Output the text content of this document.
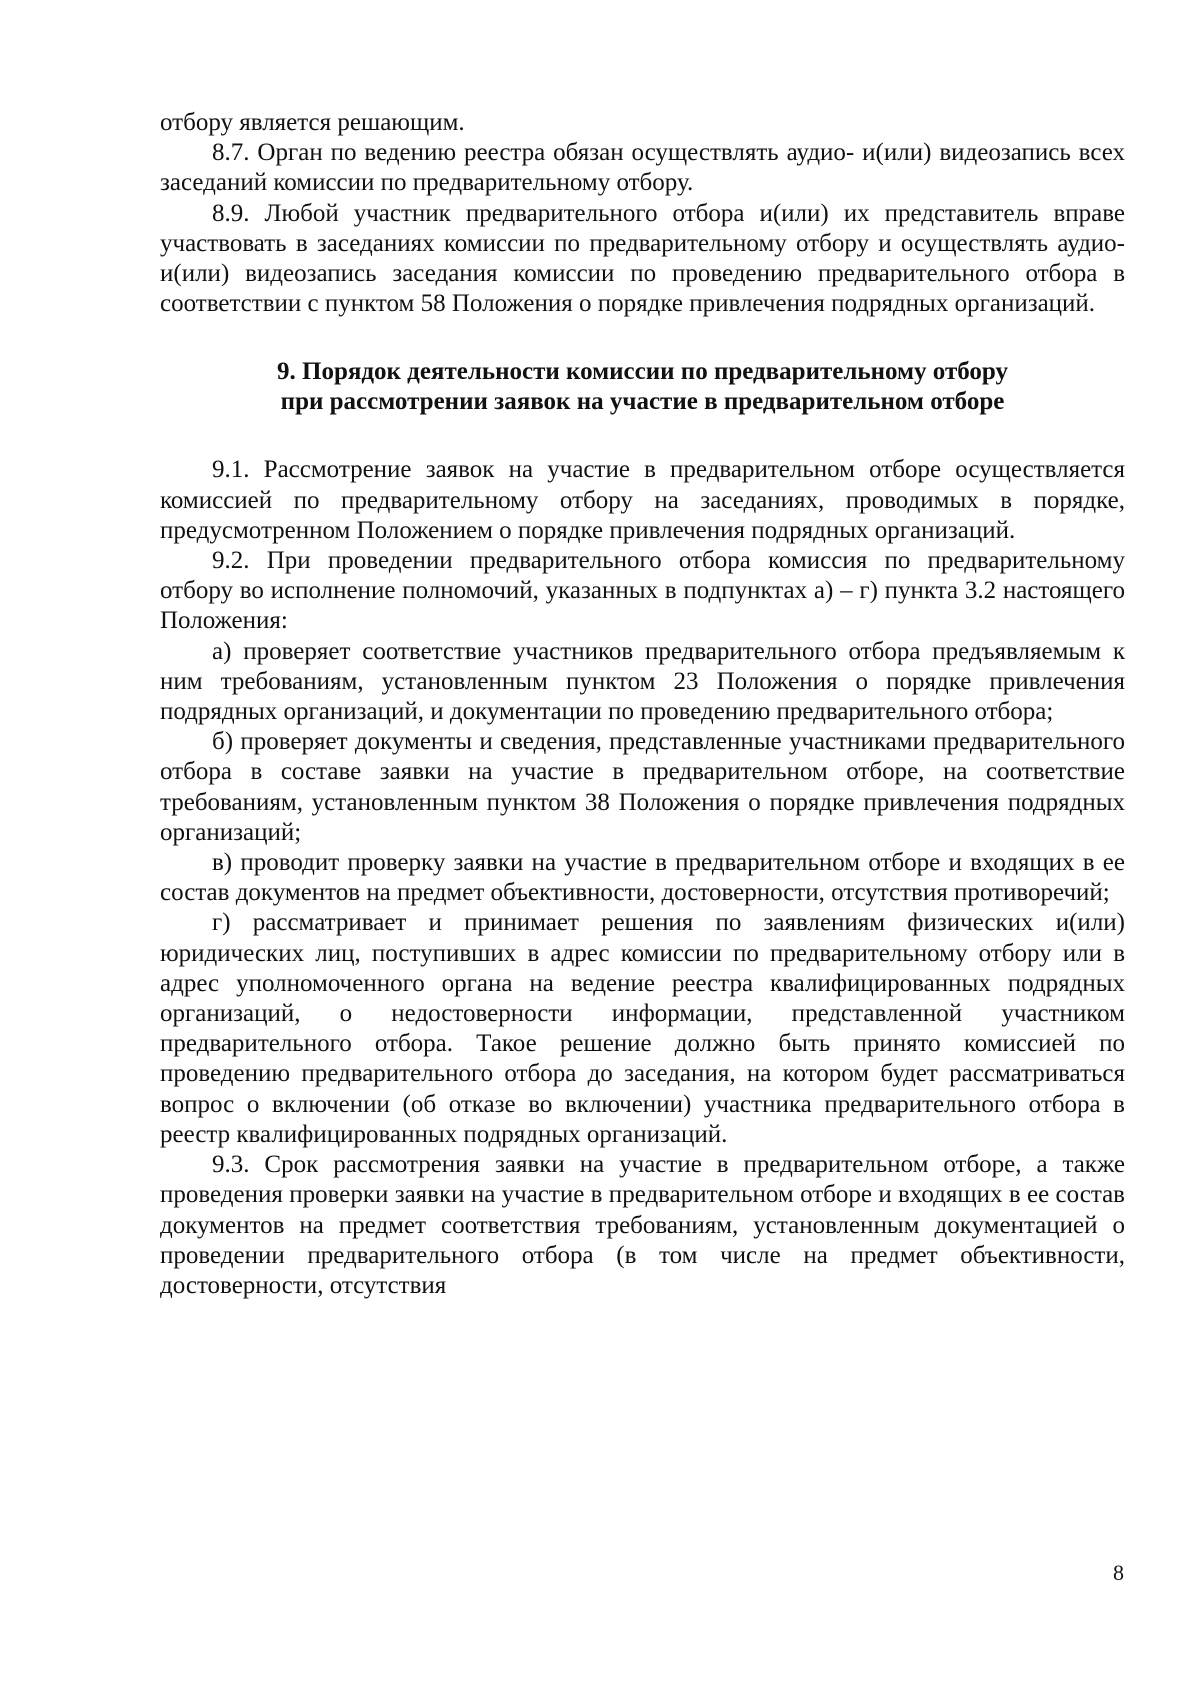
отбору является решающим.

8.7. Орган по ведению реестра обязан осуществлять аудио- и(или) видеозапись всех заседаний комиссии по предварительному отбору.

8.9. Любой участник предварительного отбора и(или) их представитель вправе участвовать в заседаниях комиссии по предварительному отбору и осуществлять аудио- и(или) видеозапись заседания комиссии по проведению предварительного отбора в соответствии с пунктом 58 Положения о порядке привлечения подрядных организаций.

9. Порядок деятельности комиссии по предварительному отбору
при рассмотрении заявок на участие в предварительном отборе

9.1. Рассмотрение заявок на участие в предварительном отборе осуществляется комиссией по предварительному отбору на заседаниях, проводимых в порядке, предусмотренном Положением о порядке привлечения подрядных организаций.

9.2. При проведении предварительного отбора комиссия по предварительному отбору во исполнение полномочий, указанных в подпунктах а) – г) пункта 3.2 настоящего Положения:

а) проверяет соответствие участников предварительного отбора предъявляемым к ним требованиям, установленным пунктом 23 Положения о порядке привлечения подрядных организаций, и документации по проведению предварительного отбора;

б) проверяет документы и сведения, представленные участниками предварительного отбора в составе заявки на участие в предварительном отборе, на соответствие требованиям, установленным пунктом 38 Положения о порядке привлечения подрядных организаций;

в) проводит проверку заявки на участие в предварительном отборе и входящих в ее состав документов на предмет объективности, достоверности, отсутствия противоречий;

г) рассматривает и принимает решения по заявлениям физических и(или) юридических лиц, поступивших в адрес комиссии по предварительному отбору или в адрес уполномоченного органа на ведение реестра квалифицированных подрядных организаций, о недостоверности информации, представленной участником предварительного отбора. Такое решение должно быть принято комиссией по проведению предварительного отбора до заседания, на котором будет рассматриваться вопрос о включении (об отказе во включении) участника предварительного отбора в реестр квалифицированных подрядных организаций.

9.3. Срок рассмотрения заявки на участие в предварительном отборе, а также проведения проверки заявки на участие в предварительном отборе и входящих в ее состав документов на предмет соответствия требованиям, установленным документацией о проведении предварительного отбора (в том числе на предмет объективности, достоверности, отсутствия

8
